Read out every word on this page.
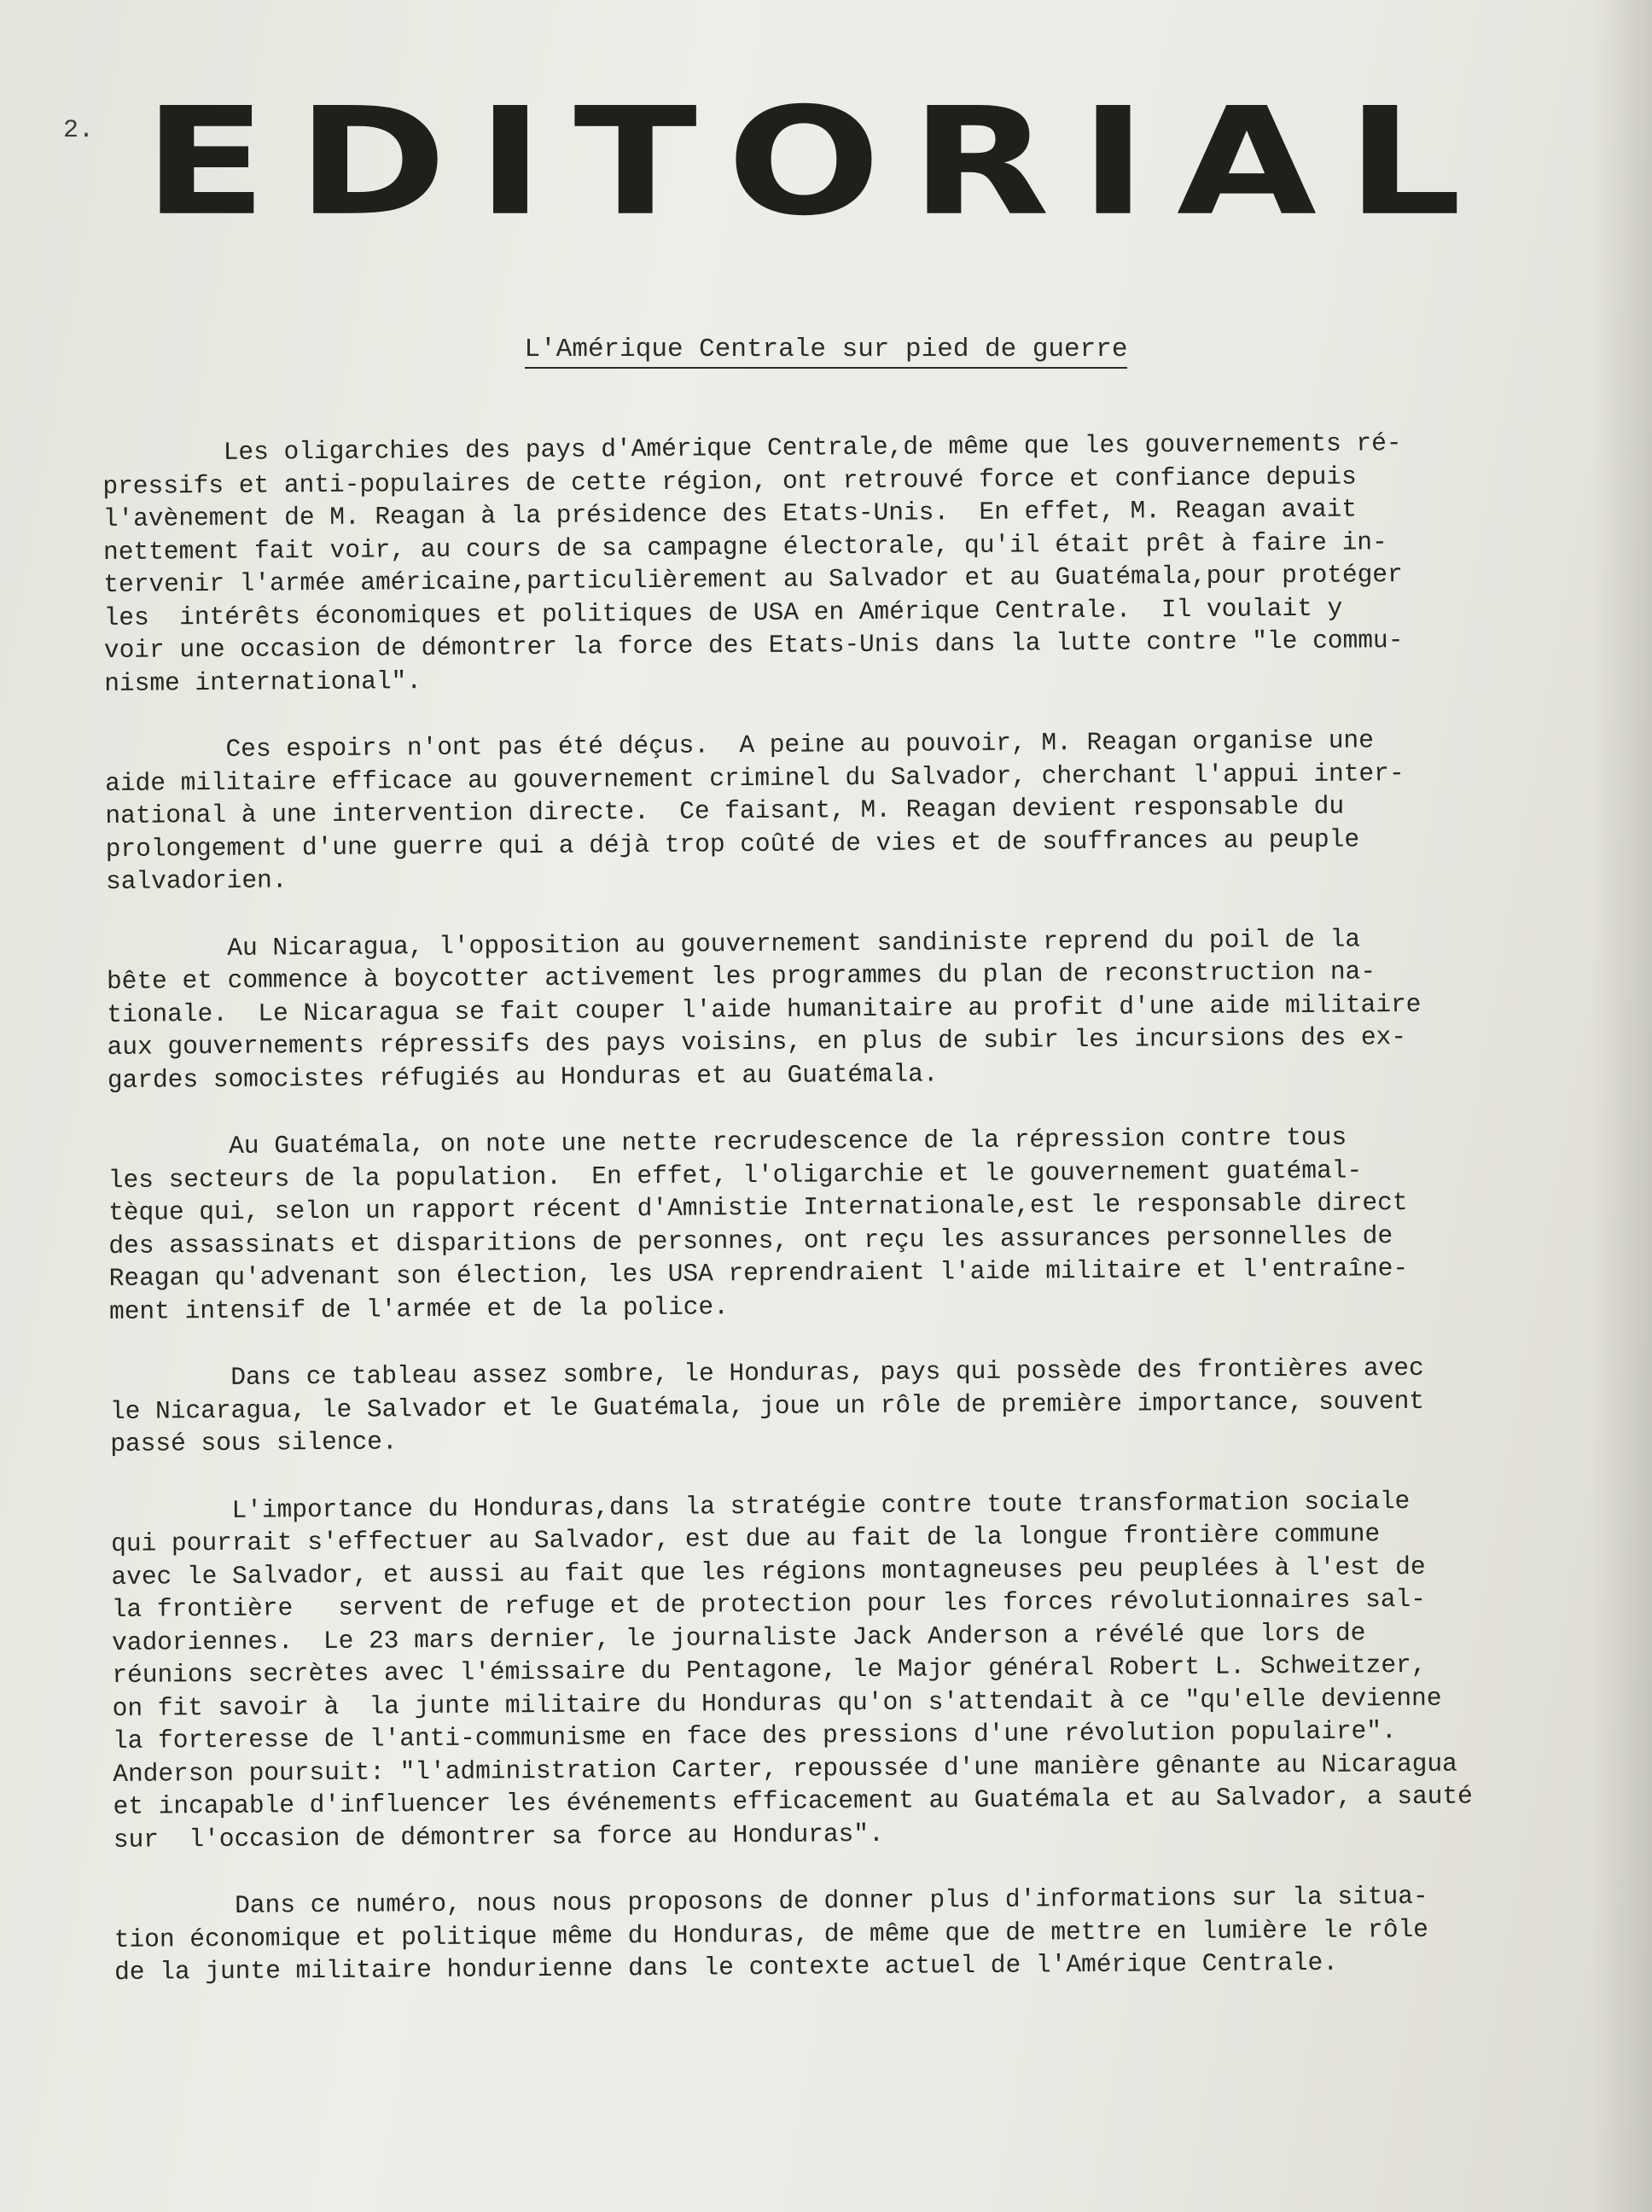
2. E D I T O R I A L
L'Amérique Centrale sur pied de guerre

Les oligarchies des pays d'Amérique Centrale,de même que les gouvernements ré-
pressifs et anti-populaires de cette région, ont retrouvé force et confiance depuis
l'avènement de M. Reagan à la présidence des Etats-Unis.  En effet, M. Reagan avait
nettement fait voir, au cours de sa campagne électorale, qu'il était prêt à faire in-
tervenir l'armée américaine,particulièrement au Salvador et au Guatémala,pour protéger
les  intérêts économiques et politiques de USA en Amérique Centrale.  Il voulait y
voir une occasion de démontrer la force des Etats-Unis dans la lutte contre "le commu-
nisme international".

Ces espoirs n'ont pas été déçus.  A peine au pouvoir, M. Reagan organise une
aide militaire efficace au gouvernement criminel du Salvador, cherchant l'appui inter-
national à une intervention directe.  Ce faisant, M. Reagan devient responsable du
prolongement d'une guerre qui a déjà trop coûté de vies et de souffrances au peuple
salvadorien.

Au Nicaragua, l'opposition au gouvernement sandiniste reprend du poil de la
bête et commence à boycotter activement les programmes du plan de reconstruction na-
tionale.  Le Nicaragua se fait couper l'aide humanitaire au profit d'une aide militaire
aux gouvernements répressifs des pays voisins, en plus de subir les incursions des ex-
gardes somocistes réfugiés au Honduras et au Guatémala.

Au Guatémala, on note une nette recrudescence de la répression contre tous
les secteurs de la population.  En effet, l'oligarchie et le gouvernement guatémal-
tèque qui, selon un rapport récent d'Amnistie Internationale,est le responsable direct
des assassinats et disparitions de personnes, ont reçu les assurances personnelles de
Reagan qu'advenant son élection, les USA reprendraient l'aide militaire et l'entraîne-
ment intensif de l'armée et de la police.

Dans ce tableau assez sombre, le Honduras, pays qui possède des frontières avec
le Nicaragua, le Salvador et le Guatémala, joue un rôle de première importance, souvent
passé sous silence.

L'importance du Honduras,dans la stratégie contre toute transformation sociale
qui pourrait s'effectuer au Salvador, est due au fait de la longue frontière commune
avec le Salvador, et aussi au fait que les régions montagneuses peu peuplées à l'est de
la frontière   servent de refuge et de protection pour les forces révolutionnaires sal-
vadoriennes.  Le 23 mars dernier, le journaliste Jack Anderson a révélé que lors de
réunions secrètes avec l'émissaire du Pentagone, le Major général Robert L. Schweitzer,
on fit savoir à  la junte militaire du Honduras qu'on s'attendait à ce "qu'elle devienne
la forteresse de l'anti-communisme en face des pressions d'une révolution populaire".
Anderson poursuit: "l'administration Carter, repoussée d'une manière gênante au Nicaragua
et incapable d'influencer les événements efficacement au Guatémala et au Salvador, a sauté
sur  l'occasion de démontrer sa force au Honduras".

Dans ce numéro, nous nous proposons de donner plus d'informations sur la situa-
tion économique et politique même du Honduras, de même que de mettre en lumière le rôle
de la junte militaire hondurienne dans le contexte actuel de l'Amérique Centrale.
